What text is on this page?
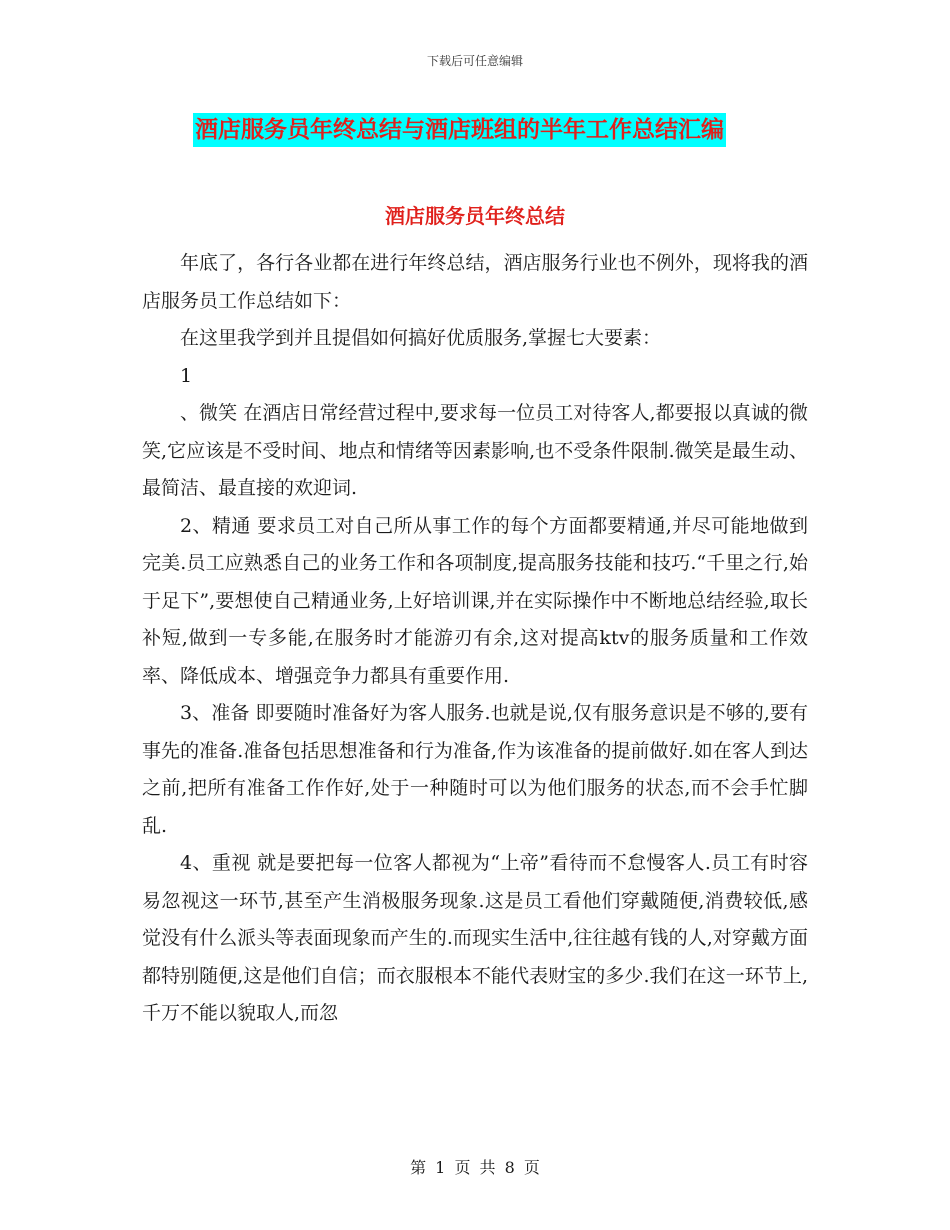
下载后可任意编辑
酒店服务员年终总结与酒店班组的半年工作总结汇编
酒店服务员年终总结

年底了，各行各业都在进行年终总结，酒店服务行业也不例外，现将我的酒店服务员工作总结如下：

在这里我学到并且提倡如何搞好优质服务,掌握七大要素：

1

、微笑 在酒店日常经营过程中,要求每一位员工对待客人,都要报以真诚的微笑,它应该是不受时间、地点和情绪等因素影响,也不受条件限制.微笑是最生动、最简洁、最直接的欢迎词.

2、精通 要求员工对自己所从事工作的每个方面都要精通,并尽可能地做到完美.员工应熟悉自己的业务工作和各项制度,提高服务技能和技巧.“千里之行,始于足下”,要想使自己精通业务,上好培训课,并在实际操作中不断地总结经验,取长补短,做到一专多能,在服务时才能游刃有余,这对提高ktv的服务质量和工作效率、降低成本、增强竞争力都具有重要作用.

3、准备 即要随时准备好为客人服务.也就是说,仅有服务意识是不够的,要有事先的准备.准备包括思想准备和行为准备,作为该准备的提前做好.如在客人到达之前,把所有准备工作作好,处于一种随时可以为他们服务的状态,而不会手忙脚乱.

4、重视 就是要把每一位客人都视为“上帝”看待而不怠慢客人.员工有时容易忽视这一环节,甚至产生消极服务现象.这是员工看他们穿戴随便,消费较低,感觉没有什么派头等表面现象而产生的.而现实生活中,往往越有钱的人,对穿戴方面都特别随便,这是他们自信；而衣服根本不能代表财宝的多少.我们在这一环节上,千万不能以貌取人,而忽

第 1 页 共 8 页
